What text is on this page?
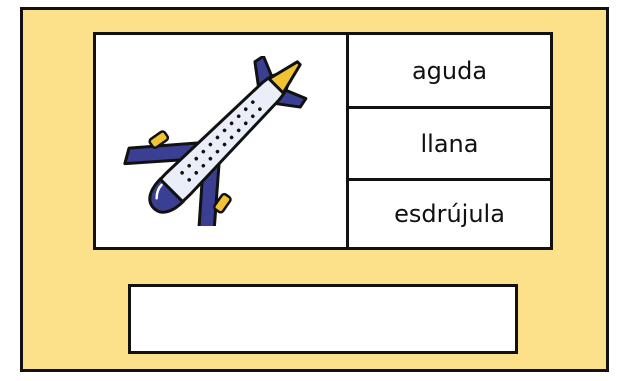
aguda
llana
esdrújula
